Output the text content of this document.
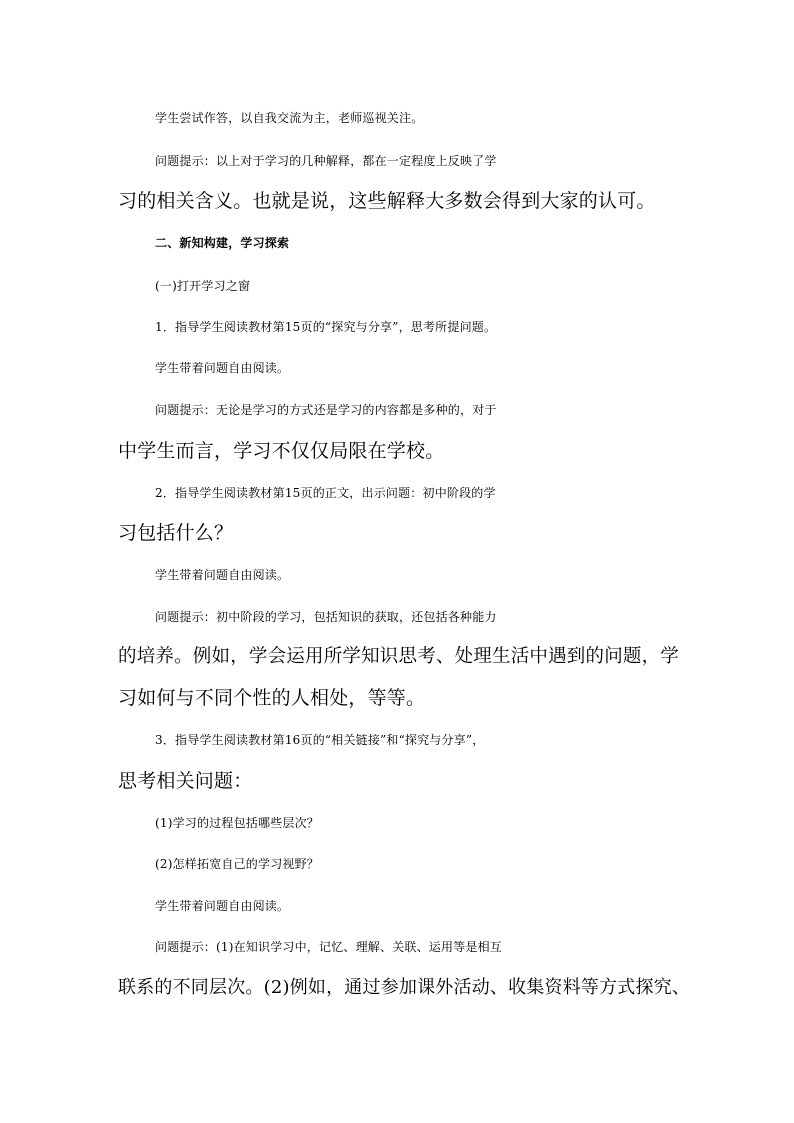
学生尝试作答，以自我交流为主，老师巡视关注。
问题提示：以上对于学习的几种解释，都在一定程度上反映了学
习的相关含义。也就是说，这些解释大多数会得到大家的认可。
二、新知构建，学习探索
(一)打开学习之窗
1．指导学生阅读教材第15页的“探究与分享”，思考所提问题。
学生带着问题自由阅读。
问题提示：无论是学习的方式还是学习的内容都是多种的，对于
中学生而言，学习不仅仅局限在学校。
2．指导学生阅读教材第15页的正文，出示问题：初中阶段的学
习包括什么？
学生带着问题自由阅读。
问题提示：初中阶段的学习，包括知识的获取，还包括各种能力
的培养。例如，学会运用所学知识思考、处理生活中遇到的问题，学
习如何与不同个性的人相处，等等。
3．指导学生阅读教材第16页的“相关链接”和“探究与分享”，
思考相关问题：
(1)学习的过程包括哪些层次？
(2)怎样拓宽自己的学习视野？
学生带着问题自由阅读。
问题提示：(1)在知识学习中，记忆、理解、关联、运用等是相互
联系的不同层次。(2)例如，通过参加课外活动、收集资料等方式探究、
